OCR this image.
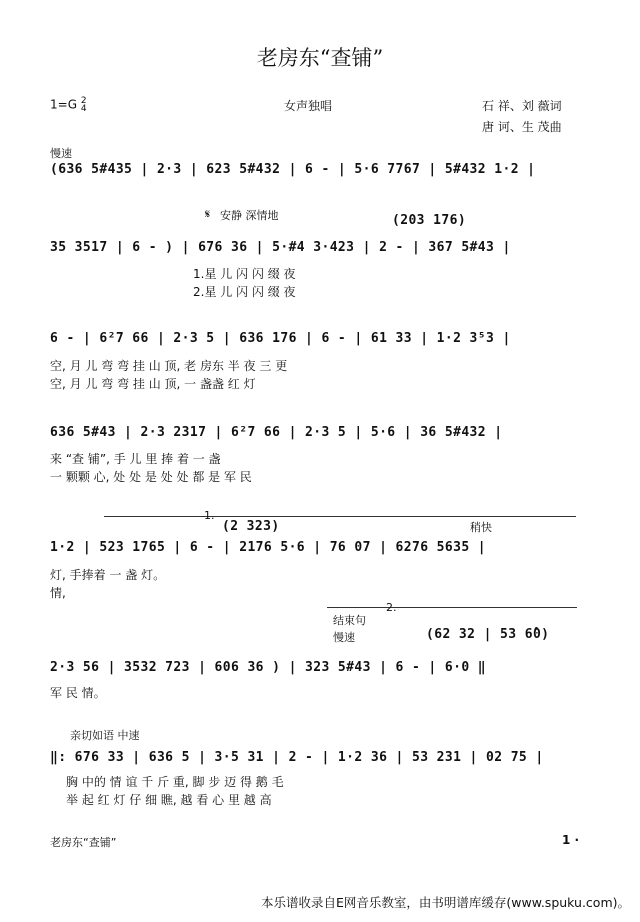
老房东“查铺”
1=G 2
4	女声独唱	石 祥、刘 薇词
唐 诃、生 茂曲
慢速
(636 5#435 | 2·3 | 623 5#432 | 6 - | 5·6 7767 | 5#432 1·2 |
𝄋 安静 深情地	(203 176)
35 3517 | 6 - ) | 676 36 | 5·#4 3·423 | 2 - | 367 5#43 |
1.星 儿 闪 闪 缀 夜
2.星 儿 闪 闪 缀 夜
6 - | 6²7 66 | 2·3 5 | 636 176 | 6 - | 61 33 | 1·2 3⁵3 |
空, 月 儿 弯 弯 挂 山 顶, 老 房东 半 夜 三 更
空, 月 儿 弯 弯 挂 山 顶, 一 盏盏 红 灯
636 5#43 | 2·3 2317 | 6²7 66 | 2·3 5 | 5·6 | 36 5#432 |
来 “查 铺”, 手 儿 里 捧 着 一 盏
一 颗颗 心, 处 处 是 处 处 都 是 军 民
1.
(2 323)	稍快
1·2 | 523 1765 | 6 - | 2176 5·6 | 76 07 | 6276 5635 |
灯, 手捧着 一 盏 灯。
情,
2.
结束句
慢速	(62 32 | 53 6̂0)
2·3 56 | 3532 723 | 606 36 ) | 323 5#43 | 6 - | 6·0 ‖
军 民 情。
亲切如语 中速
‖: 676 33 | 636 5 | 3·5 31 | 2 - | 1·2 36 | 53 231 | 02 75 |
胸 中的 情 谊 千 斤 重, 脚 步 迈 得 鹅 毛
举 起 红 灯 仔 细 瞧, 越 看 心 里 越 高
老房东“查铺”	1 ·
本乐谱收录自E网音乐教室，由书明谱库缓存(www.spuku.com)。
